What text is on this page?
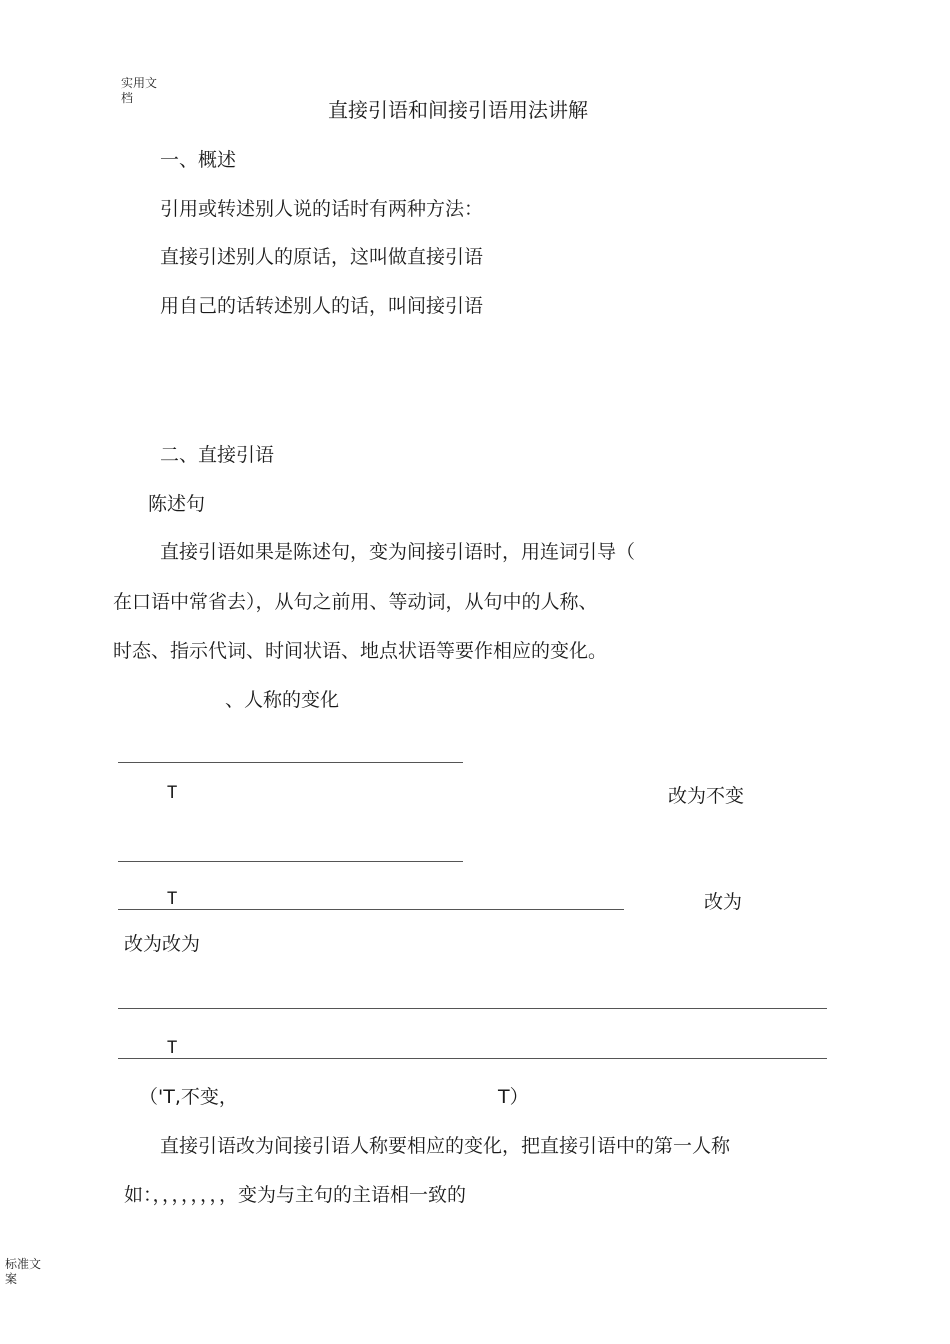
实用文
档	直接引语和间接引语用法讲解
一、概述
引用或转述别人说的话时有两种方法：
直接引述别人的原话，这叫做直接引语
用自己的话转述别人的话，叫间接引语
二、直接引语
陈述句
直接引语如果是陈述句，变为间接引语时，用连词引导（
在口语中常省去），从句之前用、等动词，从句中的人称、
时态、指示代词、时间状语、地点状语等要作相应的变化。
、人称的变化
T	改为不变
T	改为
改为改为
T
（'T,不变，	T）
直接引语改为间接引语人称要相应的变化，把直接引语中的第一人称
如：，，，，，，，，变为与主句的主语相一致的
标准文
案
